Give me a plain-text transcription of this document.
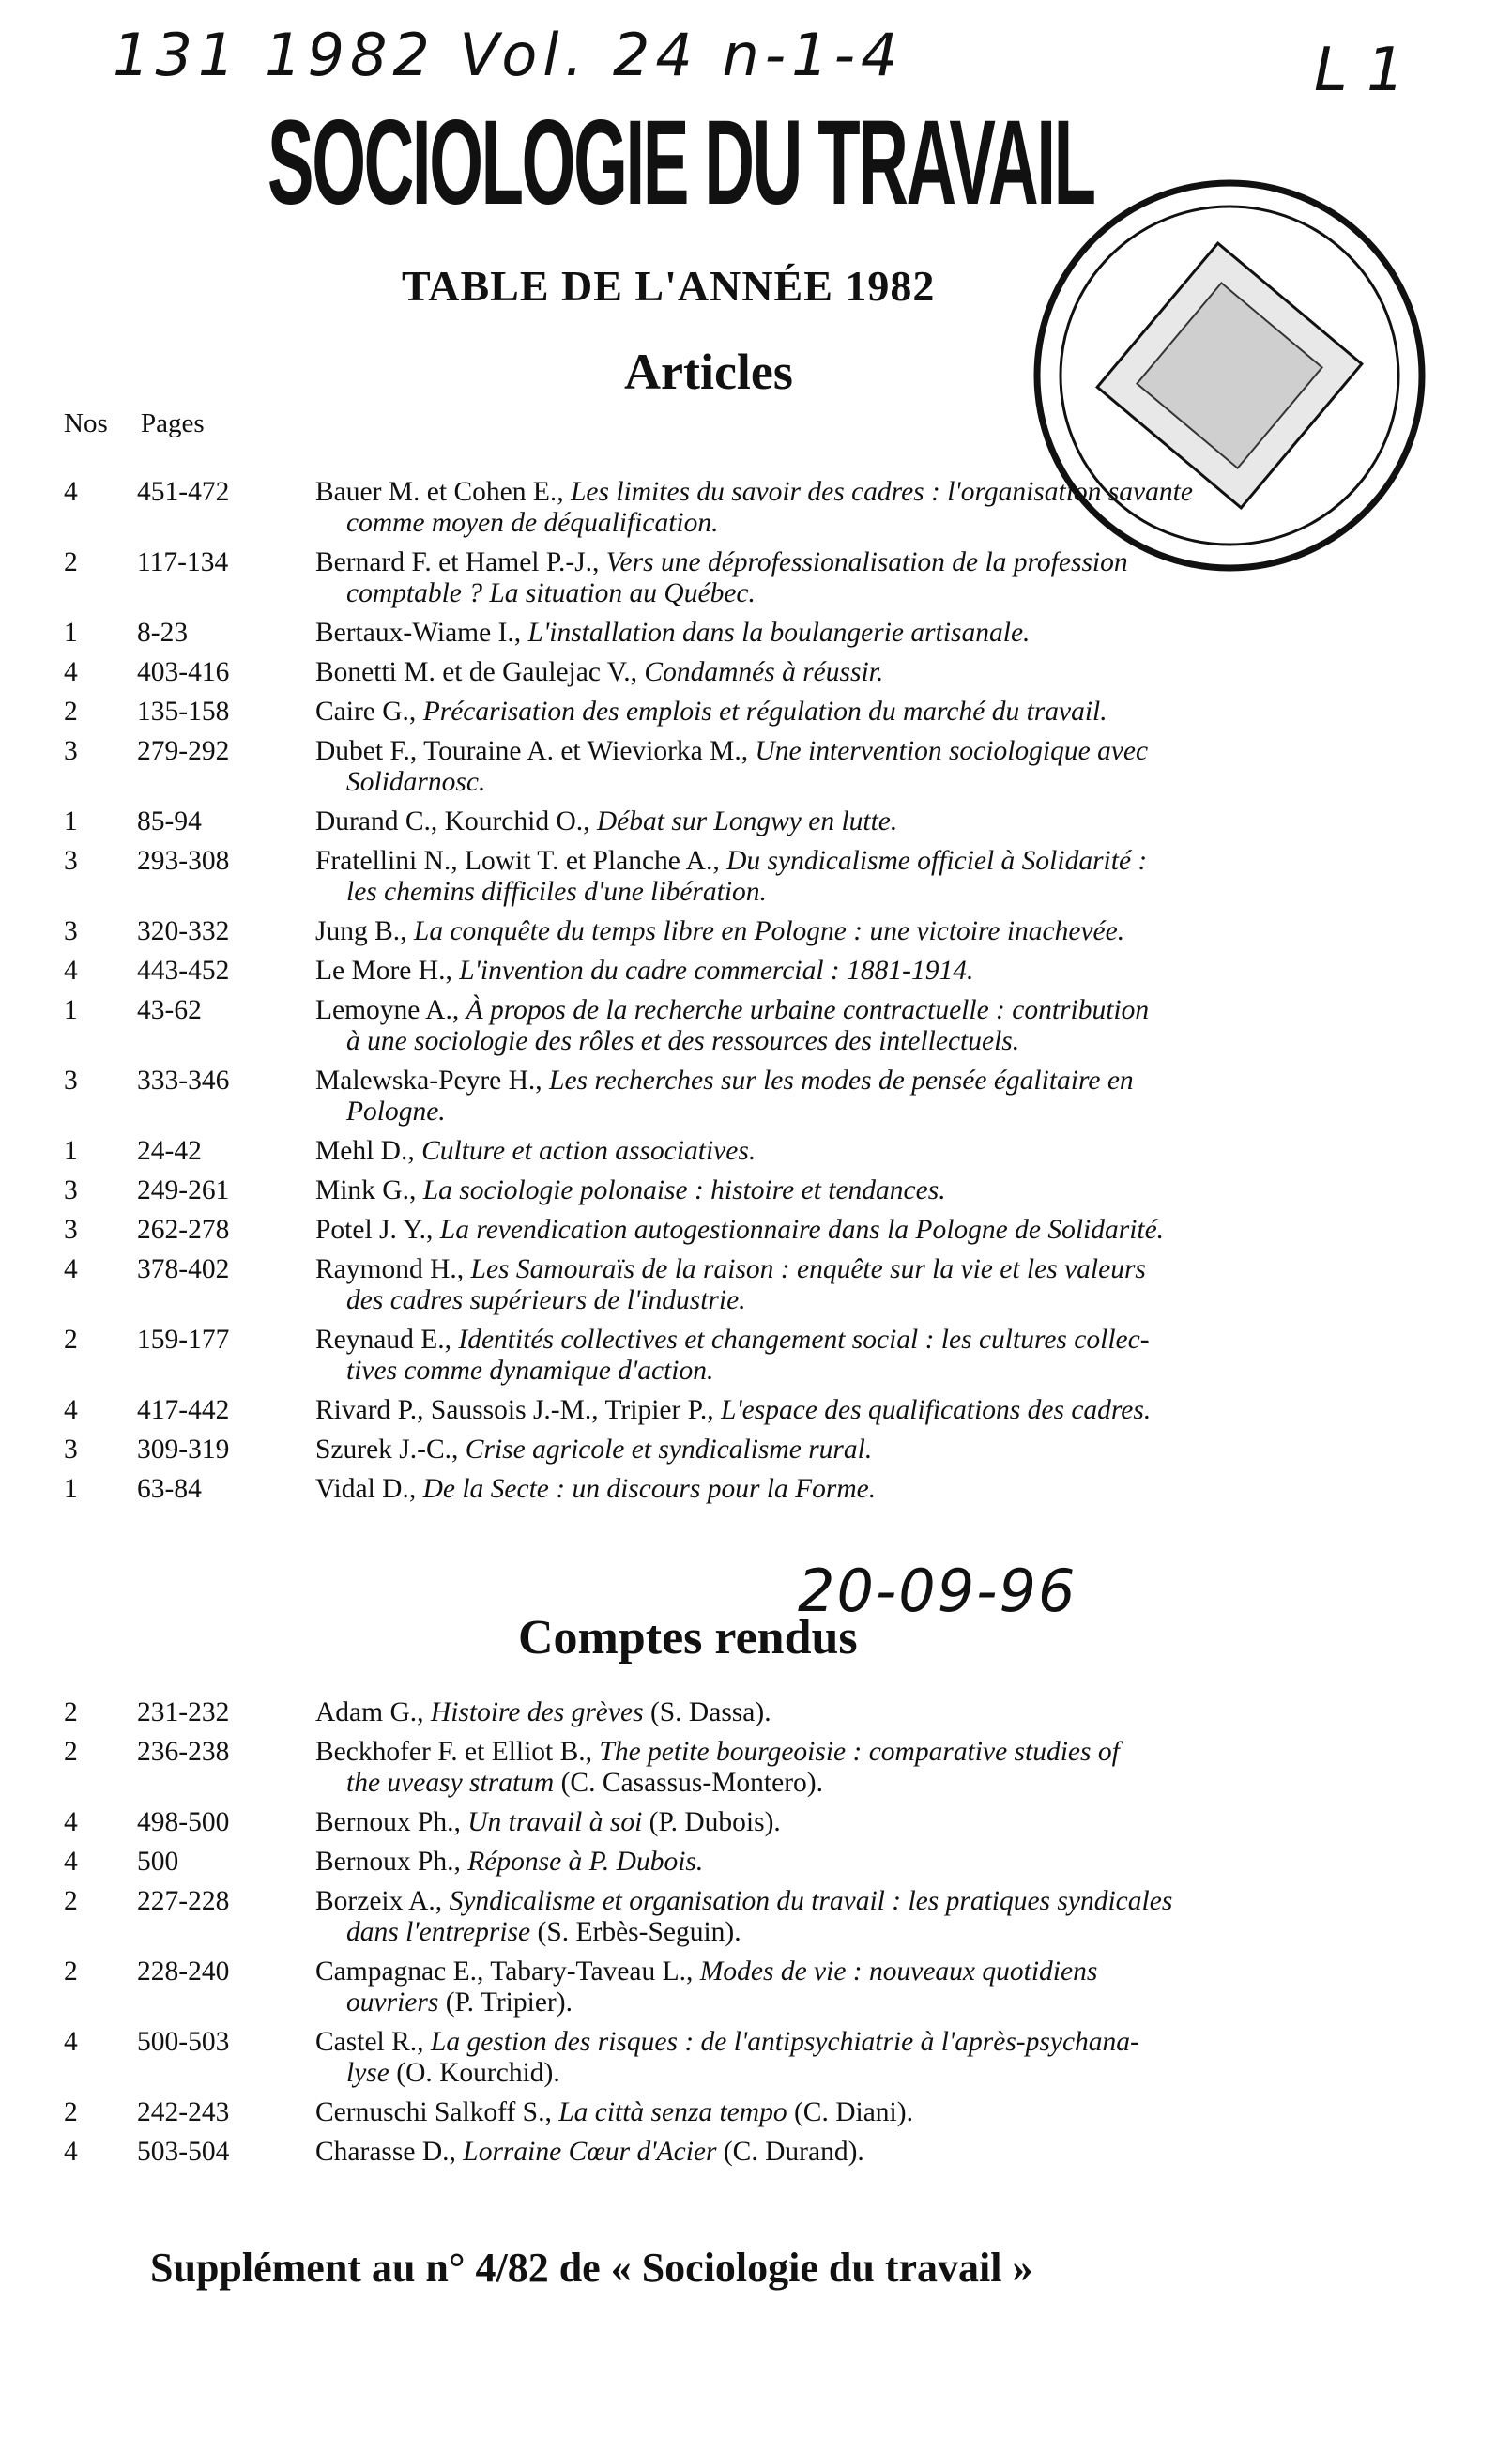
131 1982 Vol. 24 n-1-4	L 1
SOCIOLOGIE DU TRAVAIL
TABLE DE L'ANNÉE 1982
Articles
Nos Pages
4	451-472	Bauer M. et Cohen E., Les limites du savoir des cadres : l'organisation savante
comme moyen de déqualification.
2	117-134	Bernard F. et Hamel P.-J., Vers une déprofessionalisation de la profession
comptable ? La situation au Québec.
1	8-23	Bertaux-Wiame I., L'installation dans la boulangerie artisanale.
4	403-416	Bonetti M. et de Gaulejac V., Condamnés à réussir.
2	135-158	Caire G., Précarisation des emplois et régulation du marché du travail.
3	279-292	Dubet F., Touraine A. et Wieviorka M., Une intervention sociologique avec
Solidarnosc.
1	85-94	Durand C., Kourchid O., Débat sur Longwy en lutte.
3	293-308	Fratellini N., Lowit T. et Planche A., Du syndicalisme officiel à Solidarité :
les chemins difficiles d'une libération.
3	320-332	Jung B., La conquête du temps libre en Pologne : une victoire inachevée.
4	443-452	Le More H., L'invention du cadre commercial : 1881-1914.
1	43-62	Lemoyne A., À propos de la recherche urbaine contractuelle : contribution
à une sociologie des rôles et des ressources des intellectuels.
3	333-346	Malewska-Peyre H., Les recherches sur les modes de pensée égalitaire en
Pologne.
1	24-42	Mehl D., Culture et action associatives.
3	249-261	Mink G., La sociologie polonaise : histoire et tendances.
3	262-278	Potel J. Y., La revendication autogestionnaire dans la Pologne de Solidarité.
4	378-402	Raymond H., Les Samouraïs de la raison : enquête sur la vie et les valeurs
des cadres supérieurs de l'industrie.
2	159-177	Reynaud E., Identités collectives et changement social : les cultures collec-
tives comme dynamique d'action.
4	417-442	Rivard P., Saussois J.-M., Tripier P., L'espace des qualifications des cadres.
3	309-319	Szurek J.-C., Crise agricole et syndicalisme rural.
1	63-84	Vidal D., De la Secte : un discours pour la Forme.
20-09-96
Comptes rendus
2	231-232	Adam G., Histoire des grèves (S. Dassa).
2	236-238	Beckhofer F. et Elliot B., The petite bourgeoisie : comparative studies of
the uveasy stratum (C. Casassus-Montero).
4	498-500	Bernoux Ph., Un travail à soi (P. Dubois).
4	500	Bernoux Ph., Réponse à P. Dubois.
2	227-228	Borzeix A., Syndicalisme et organisation du travail : les pratiques syndicales
dans l'entreprise (S. Erbès-Seguin).
2	228-240	Campagnac E., Tabary-Taveau L., Modes de vie : nouveaux quotidiens
ouvriers (P. Tripier).
4	500-503	Castel R., La gestion des risques : de l'antipsychiatrie à l'après-psychana-
lyse (O. Kourchid).
2	242-243	Cernuschi Salkoff S., La città senza tempo (C. Diani).
4	503-504	Charasse D., Lorraine Cœur d'Acier (C. Durand).
Supplément au n° 4/82 de « Sociologie du travail »
